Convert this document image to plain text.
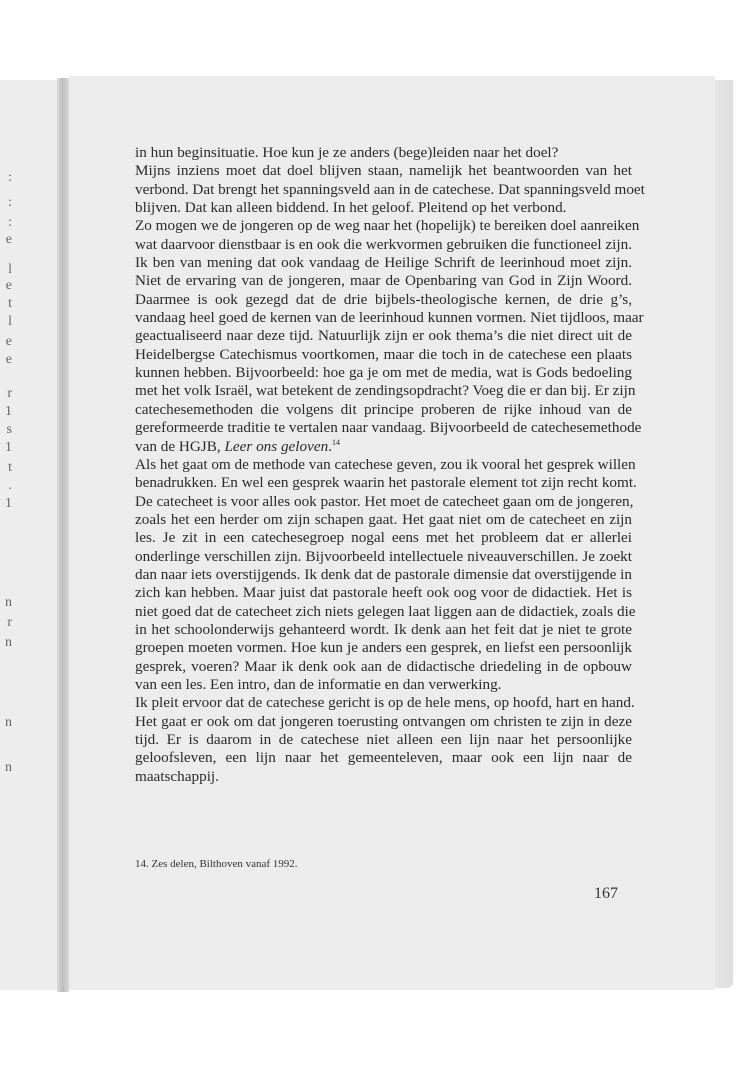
:
:
:
e
l
e
t
l
e
e
r
1
s
1
t
.
1
n
r
n
n
n
in hun beginsituatie. Hoe kun je ze anders (bege)leiden naar het doel?
Mijns inziens moet dat doel blijven staan, namelijk het beantwoorden van het
verbond. Dat brengt het spanningsveld aan in de catechese. Dat spanningsveld moet
blijven. Dat kan alleen biddend. In het geloof. Pleitend op het verbond.
Zo mogen we de jongeren op de weg naar het (hopelijk) te bereiken doel aanreiken
wat daarvoor dienstbaar is en ook die werkvormen gebruiken die functioneel zijn.
Ik ben van mening dat ook vandaag de Heilige Schrift de leerinhoud moet zijn.
Niet de ervaring van de jongeren, maar de Openbaring van God in Zijn Woord.
Daarmee is ook gezegd dat de drie bijbels-theologische kernen, de drie g’s,
vandaag heel goed de kernen van de leerinhoud kunnen vormen. Niet tijdloos, maar
geactualiseerd naar deze tijd. Natuurlijk zijn er ook thema’s die niet direct uit de
Heidelbergse Catechismus voortkomen, maar die toch in de catechese een plaats
kunnen hebben. Bijvoorbeeld: hoe ga je om met de media, wat is Gods bedoeling
met het volk Israël, wat betekent de zendingsopdracht? Voeg die er dan bij. Er zijn
catechesemethoden die volgens dit principe proberen de rijke inhoud van de
gereformeerde traditie te vertalen naar vandaag. Bijvoorbeeld de catechesemethode
van de HGJB, Leer ons geloven.$^{14}$
Als het gaat om de methode van catechese geven, zou ik vooral het gesprek willen
benadrukken. En wel een gesprek waarin het pastorale element tot zijn recht komt.
De catecheet is voor alles ook pastor. Het moet de catecheet gaan om de jongeren,
zoals het een herder om zijn schapen gaat. Het gaat niet om de catecheet en zijn
les. Je zit in een catechesegroep nogal eens met het probleem dat er allerlei
onderlinge verschillen zijn. Bijvoorbeeld intellectuele niveauverschillen. Je zoekt
dan naar iets overstijgends. Ik denk dat de pastorale dimensie dat overstijgende in
zich kan hebben. Maar juist dat pastorale heeft ook oog voor de didactiek. Het is
niet goed dat de catecheet zich niets gelegen laat liggen aan de didactiek, zoals die
in het schoolonderwijs gehanteerd wordt. Ik denk aan het feit dat je niet te grote
groepen moeten vormen. Hoe kun je anders een gesprek, en liefst een persoonlijk
gesprek, voeren? Maar ik denk ook aan de didactische driedeling in de opbouw
van een les. Een intro, dan de informatie en dan verwerking.
Ik pleit ervoor dat de catechese gericht is op de hele mens, op hoofd, hart en hand.
Het gaat er ook om dat jongeren toerusting ontvangen om christen te zijn in deze
tijd. Er is daarom in de catechese niet alleen een lijn naar het persoonlijke
geloofsleven, een lijn naar het gemeenteleven, maar ook een lijn naar de
maatschappij.
14. Zes delen, Bilthoven vanaf 1992.
167
